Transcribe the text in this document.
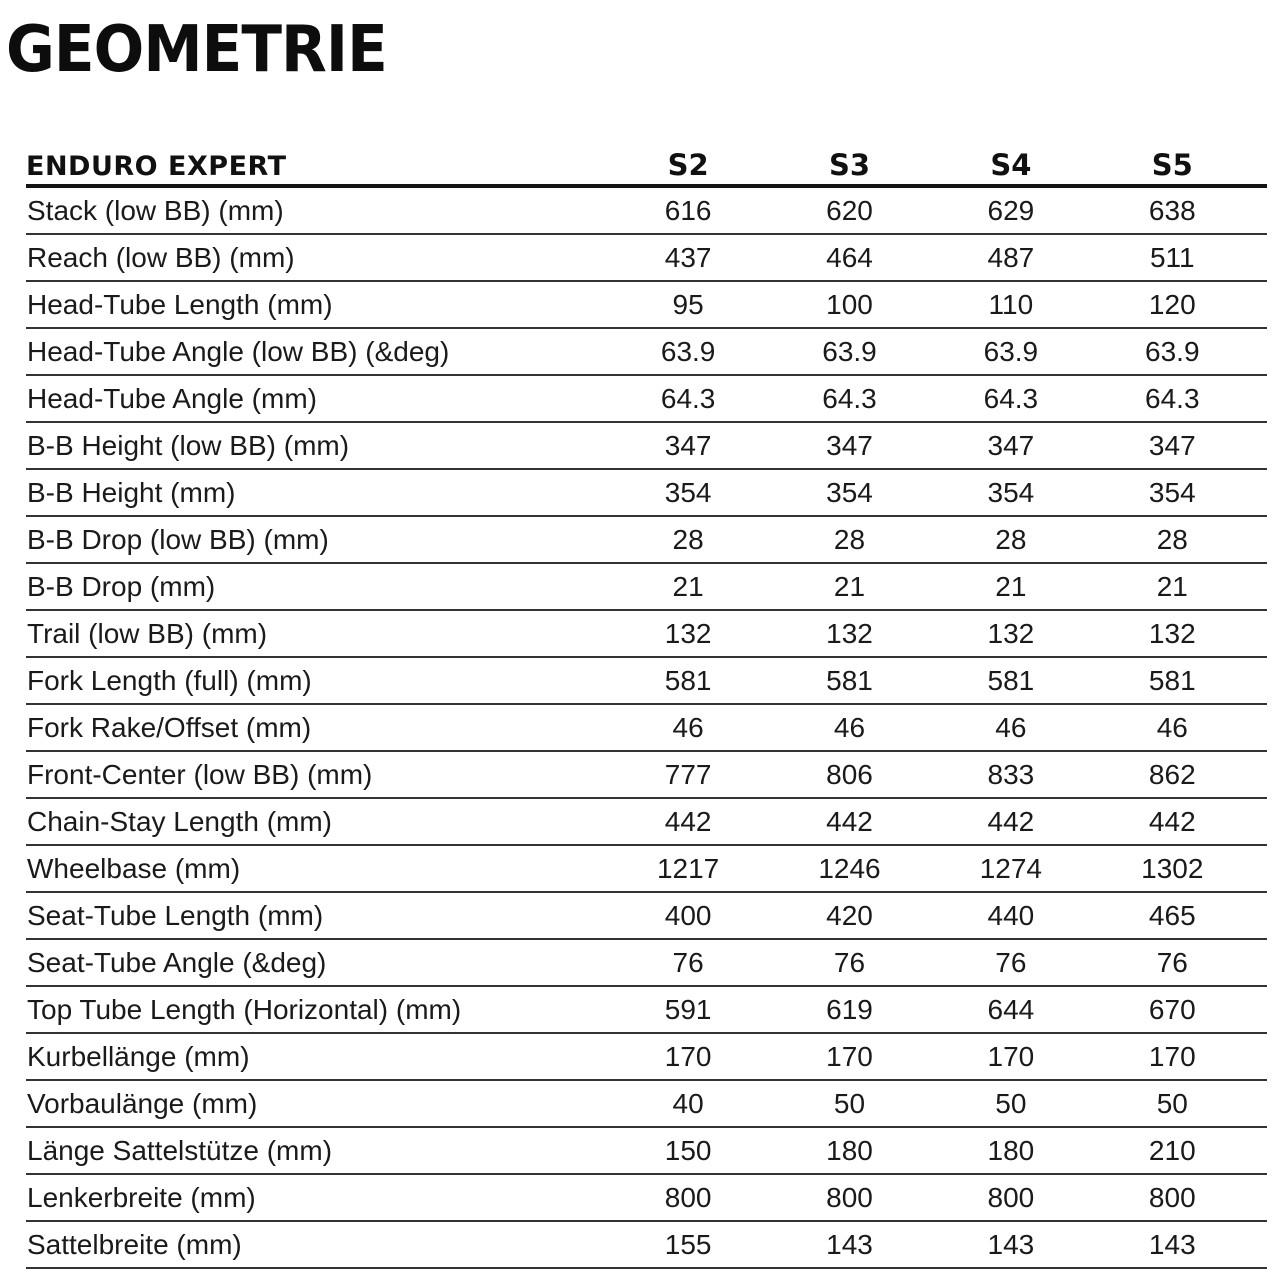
GEOMETRIE
ENDURO EXPERT	S2	S3	S4	S5
Stack (low BB) (mm)	616	620	629	638
Reach (low BB) (mm)	437	464	487	511
Head-Tube Length (mm)	95	100	110	120
Head-Tube Angle (low BB) (&deg)	63.9	63.9	63.9	63.9
Head-Tube Angle (mm)	64.3	64.3	64.3	64.3
B-B Height (low BB) (mm)	347	347	347	347
B-B Height (mm)	354	354	354	354
B-B Drop (low BB) (mm)	28	28	28	28
B-B Drop (mm)	21	21	21	21
Trail (low BB) (mm)	132	132	132	132
Fork Length (full) (mm)	581	581	581	581
Fork Rake/Offset (mm)	46	46	46	46
Front-Center (low BB) (mm)	777	806	833	862
Chain-Stay Length (mm)	442	442	442	442
Wheelbase (mm)	1217	1246	1274	1302
Seat-Tube Length (mm)	400	420	440	465
Seat-Tube Angle (&deg)	76	76	76	76
Top Tube Length (Horizontal) (mm)	591	619	644	670
Kurbellänge (mm)	170	170	170	170
Vorbaulänge (mm)	40	50	50	50
Länge Sattelstütze (mm)	150	180	180	210
Lenkerbreite (mm)	800	800	800	800
Sattelbreite (mm)	155	143	143	143
